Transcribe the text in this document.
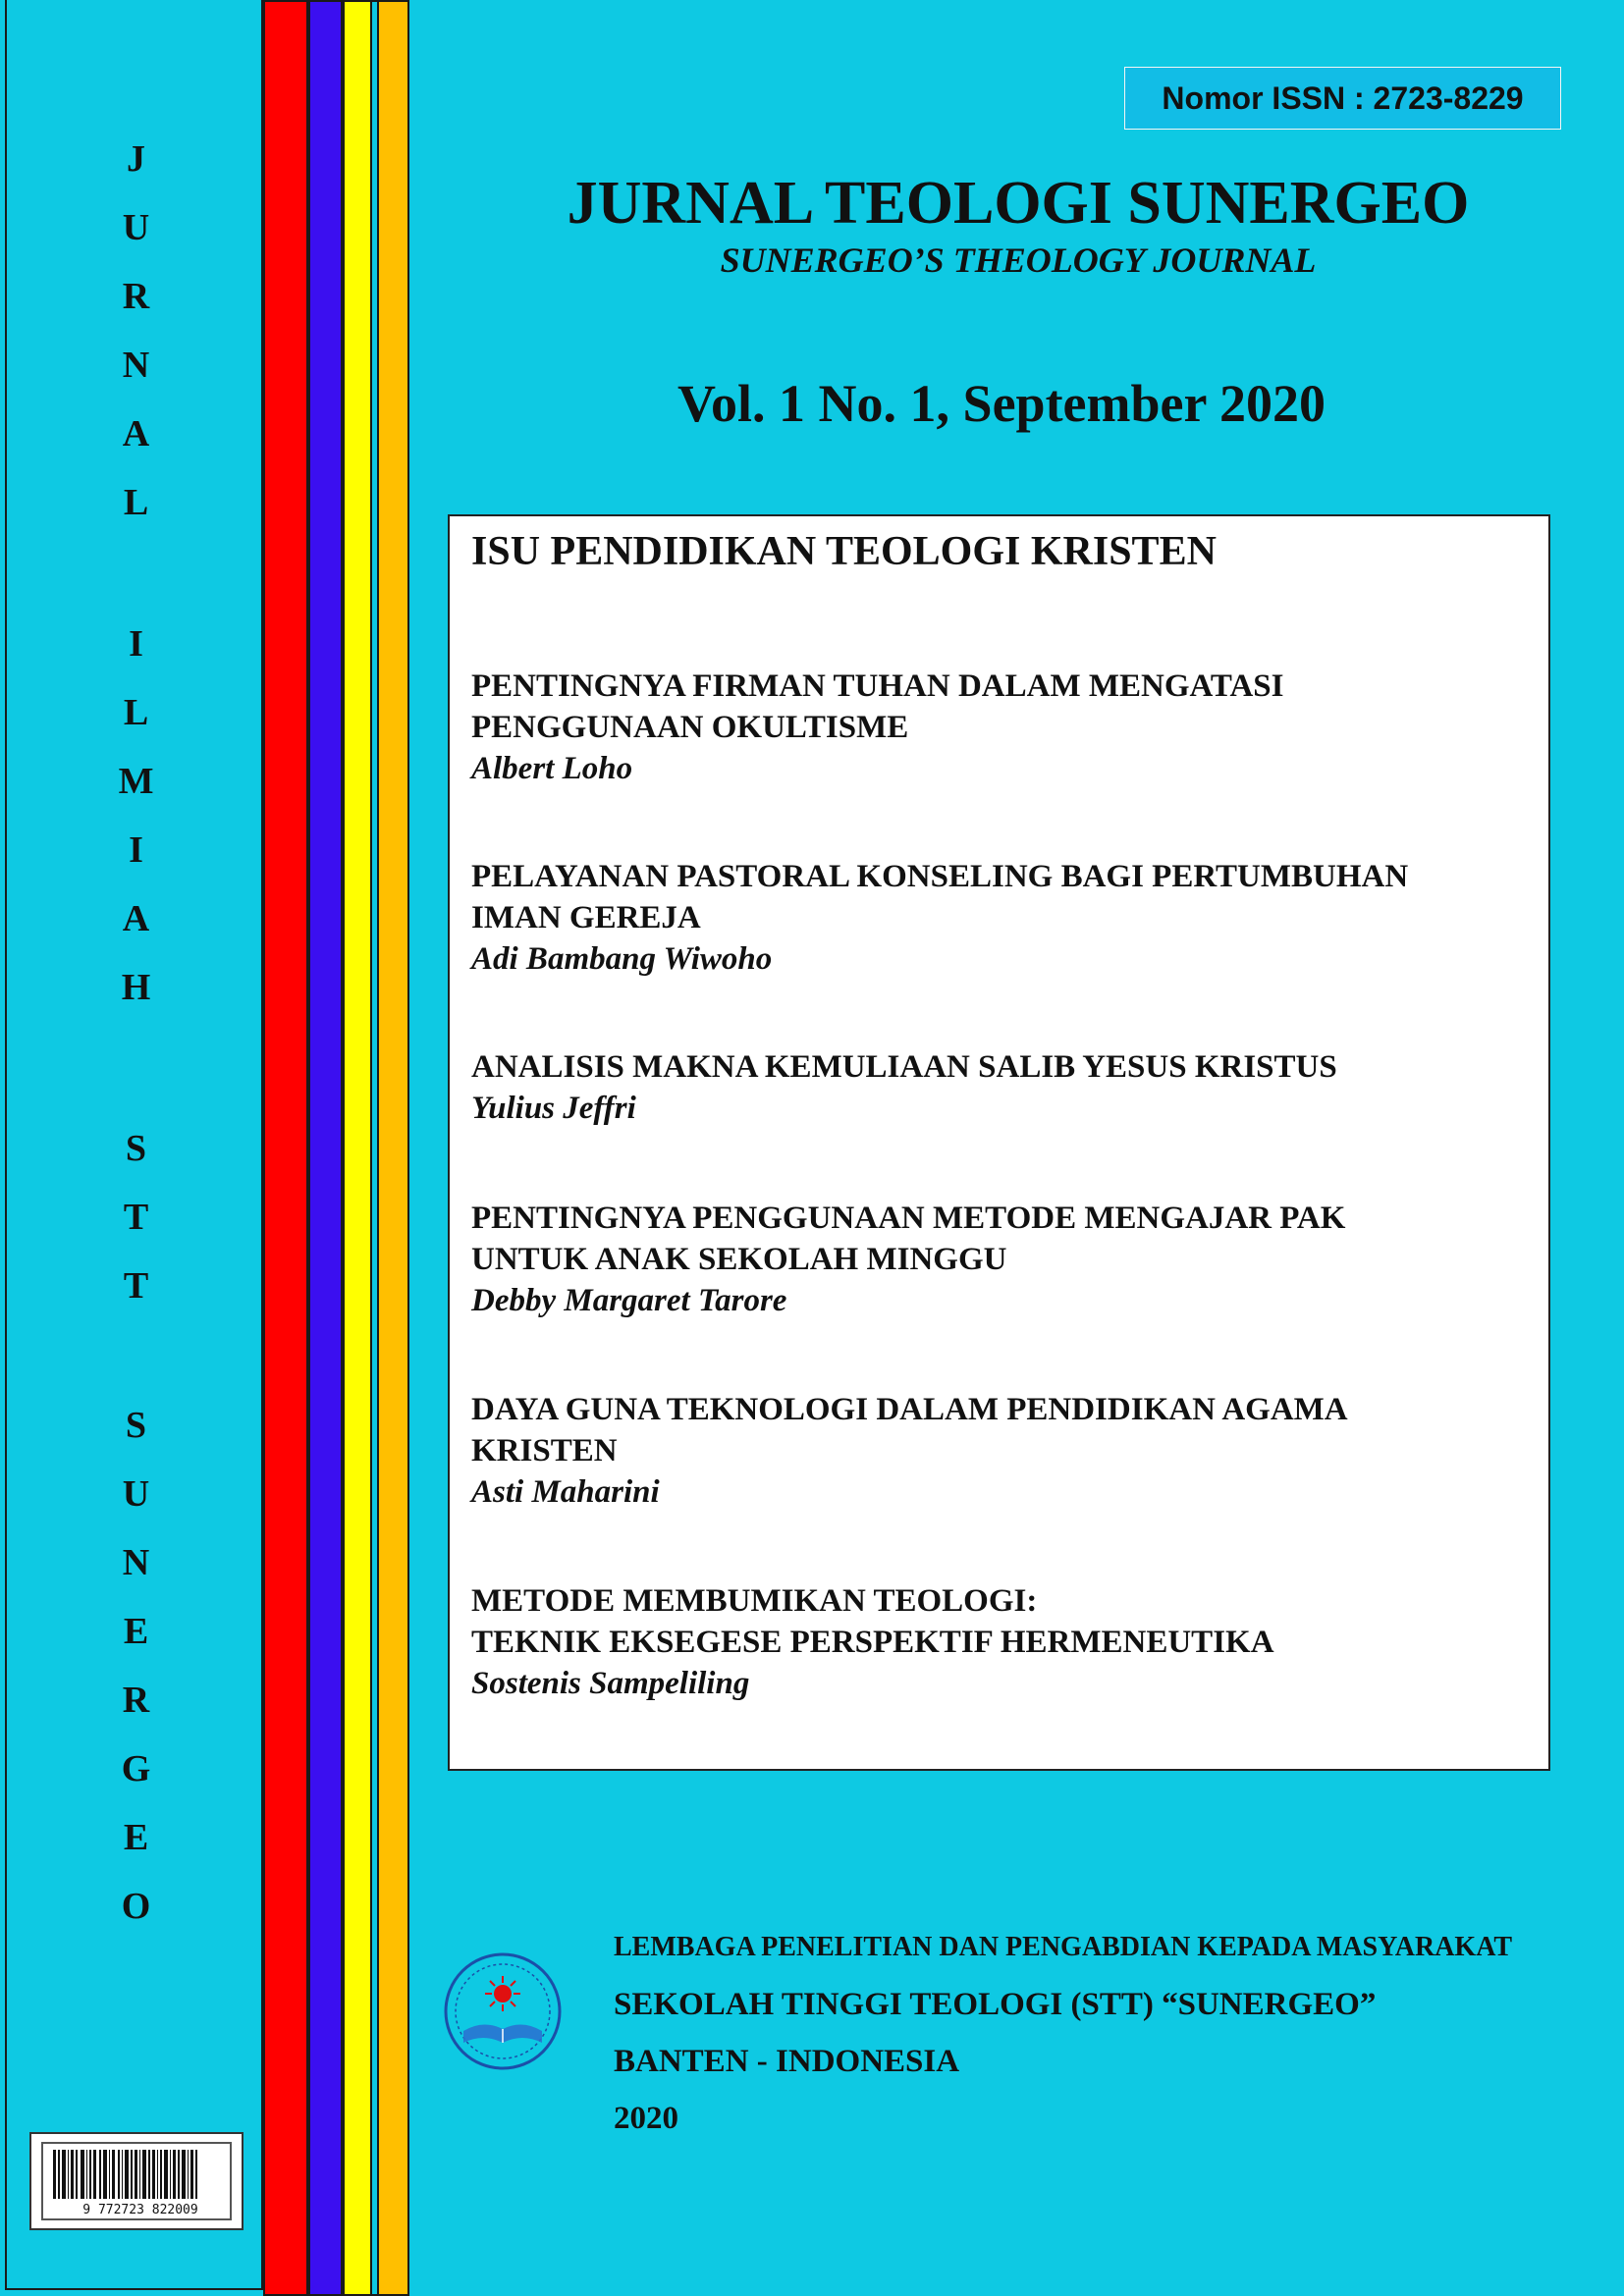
J
U
R
N
A
L
I
L
M
I
A
H
S
T
T
S
U
N
E
R
G
E
O
9 772723 822009
Nomor ISSN : 2723-8229
JURNAL TEOLOGI SUNERGEO
SUNERGEO’S THEOLOGY JOURNAL
Vol. 1 No. 1, September 2020
ISU PENDIDIKAN TEOLOGI KRISTEN
PENTINGNYA FIRMAN TUHAN DALAM MENGATASI
PENGGUNAAN OKULTISME
Albert Loho
PELAYANAN PASTORAL KONSELING BAGI PERTUMBUHAN
IMAN GEREJA
Adi Bambang Wiwoho
ANALISIS MAKNA KEMULIAAN SALIB YESUS KRISTUS
Yulius Jeffri
PENTINGNYA PENGGUNAAN METODE MENGAJAR PAK
UNTUK ANAK SEKOLAH MINGGU
Debby Margaret Tarore
DAYA GUNA TEKNOLOGI DALAM PENDIDIKAN AGAMA
KRISTEN
Asti Maharini
METODE MEMBUMIKAN TEOLOGI:
TEKNIK EKSEGESE PERSPEKTIF HERMENEUTIKA
Sostenis Sampeliling
LEMBAGA PENELITIAN DAN PENGABDIAN KEPADA MASYARAKAT
SEKOLAH TINGGI TEOLOGI (STT) “SUNERGEO”
BANTEN - INDONESIA
2020
